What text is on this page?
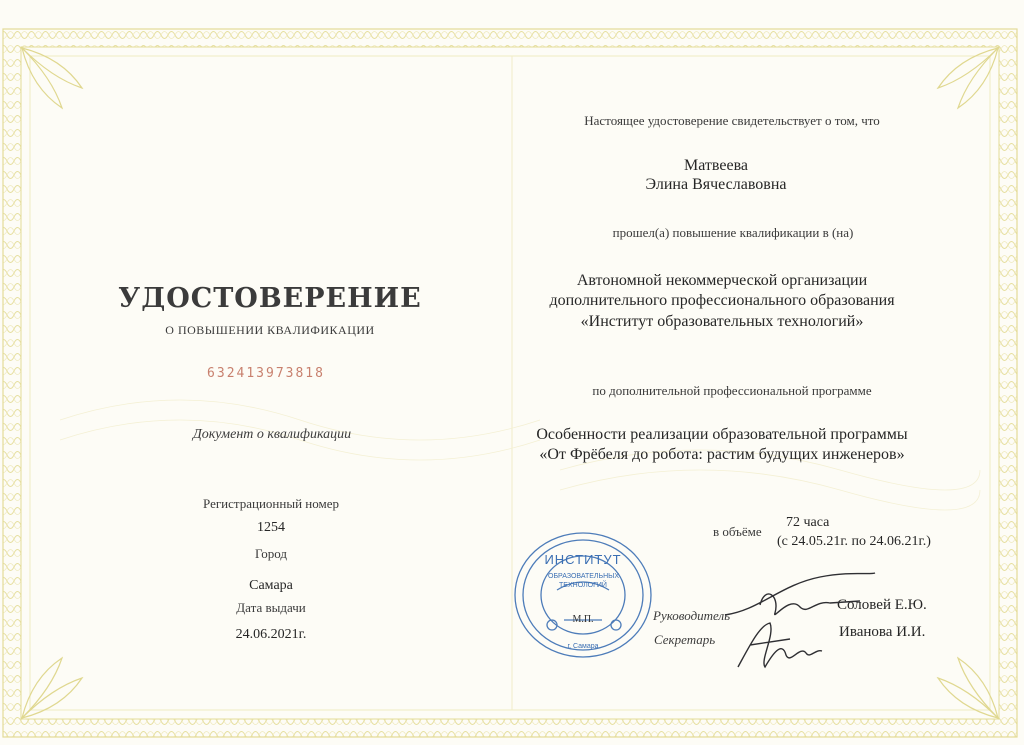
УДОСТОВЕРЕНИЕ
О ПОВЫШЕНИИ КВАЛИФИКАЦИИ
632413973818
Документ о квалификации
Регистрационный номер
1254
Город
Самара
Дата выдачи
24.06.2021г.
Настоящее удостоверение свидетельствует о том, что
Матвеева
Элина Вячеславовна
прошел(а) повышение квалификации в (на)
Автономной некоммерческой организации
дополнительного профессионального образования
«Институт образовательных технологий»
по дополнительной профессиональной программе
Особенности реализации образовательной программы
«От Фрёбеля до робота: растим будущих инженеров»
в объёме
72 часа
(с 24.05.21г. по 24.06.21г.)
ИНСТИТУТ
ОБРАЗОВАТЕЛЬНЫХ ТЕХНОЛОГИЙ
г. Самара
М.П.	Руководитель
Соловей Е.Ю.
Секретарь	Иванова И.И.
